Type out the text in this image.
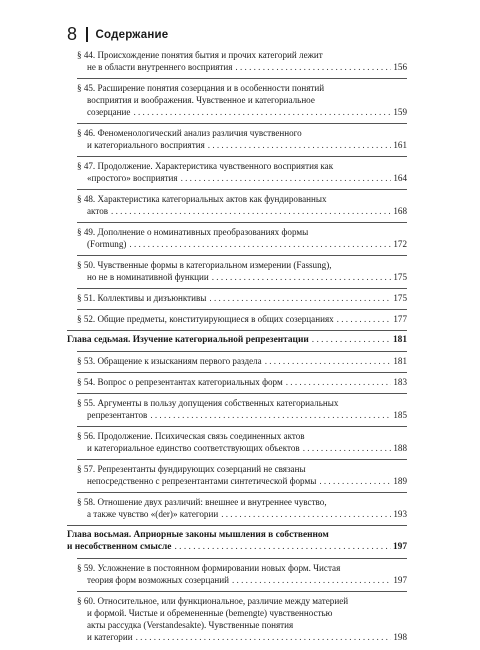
8 Содержание
§ 44. Происхождение понятия бытия и прочих категорий лежит
не в области внутреннего восприятия . . .	156
§ 45. Расширение понятия созерцания и в особенности понятий
восприятия и воображения. Чувственное и категориальное
созерцание . . .	159
§ 46. Феноменологический анализ различия чувственного
и категориального восприятия . . .	161
§ 47. Продолжение. Характеристика чувственного восприятия как
«простого» восприятия . . .	164
§ 48. Характеристика категориальных актов как фундированных
актов . . .	168
§ 49. Дополнение о номинативных преобразованиях формы
(Formung) . . .	172
§ 50. Чувственные формы в категориальном измерении (Fassung),
но не в номинативной функции . . .	175
§ 51. Коллективы и дизъюнктивы . . .	175
§ 52. Общие предметы, конституирующиеся в общих созерцаниях . . .	177
Глава седьмая. Изучение категориальной репрезентации . . .	181
§ 53. Обращение к изысканиям первого раздела . . .	181
§ 54. Вопрос о репрезентантах категориальных форм . . .	183
§ 55. Аргументы в пользу допущения собственных категориальных
репрезентантов . . .	185
§ 56. Продолжение. Психическая связь соединенных актов
и категориальное единство соответствующих объектов . . .	188
§ 57. Репрезентанты фундирующих созерцаний не связаны
непосредственно с репрезентантами синтетической формы . . .	189
§ 58. Отношение двух различий: внешнее и внутреннее чувство,
а также чувство «(der)» категории . . .	193
Глава восьмая. Априорные законы мышления в собственном
и несобственном смысле . . .	197
§ 59. Усложнение в постоянном формировании новых форм. Чистая
теория форм возможных созерцаний . . .	197
§ 60. Относительное, или функциональное, различие между материей
и формой. Чистые и обремененные (bemengte) чувственностью
акты рассудка (Verstandesakte). Чувственные понятия
и категории . . .	198
